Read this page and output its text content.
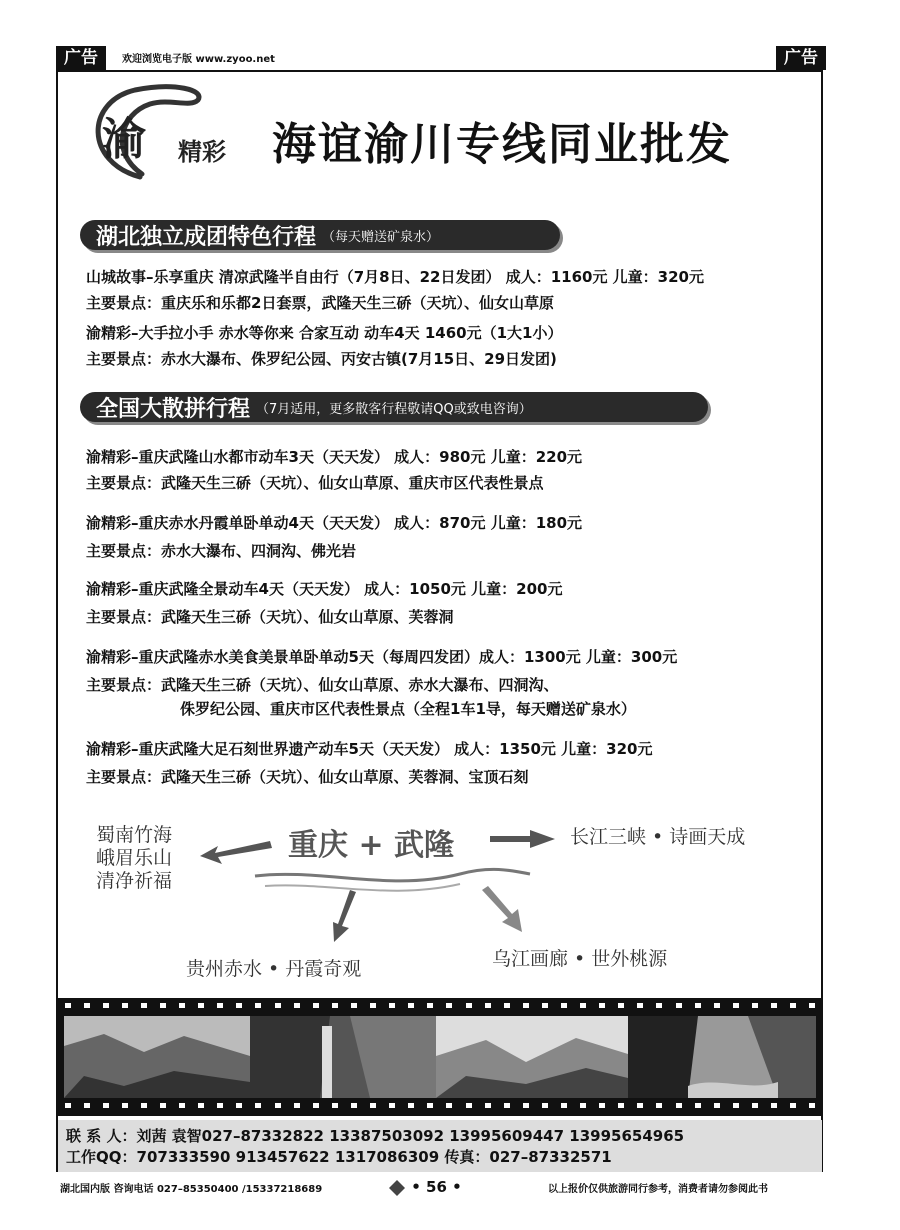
广告	欢迎浏览电子版 www.zyoo.net	广告
渝 精彩 海谊渝川专线同业批发
湖北独立成团特色行程 （每天赠送矿泉水）
山城故事–乐享重庆 清凉武隆半自由行（7月8日、22日发团） 成人：1160元 儿童：320元
主要景点：重庆乐和乐都2日套票，武隆天生三硚（天坑）、仙女山草原
渝精彩–大手拉小手 赤水等你来 合家互动 动车4天 1460元（1大1小）
主要景点：赤水大瀑布、侏罗纪公园、丙安古镇(7月15日、29日发团)
全国大散拼行程 （7月适用，更多散客行程敬请QQ或致电咨询）
渝精彩–重庆武隆山水都市动车3天（天天发） 成人：980元 儿童：220元
主要景点：武隆天生三硚（天坑）、仙女山草原、重庆市区代表性景点
渝精彩–重庆赤水丹霞单卧单动4天（天天发） 成人：870元 儿童：180元
主要景点：赤水大瀑布、四洞沟、佛光岩
渝精彩–重庆武隆全景动车4天（天天发） 成人：1050元 儿童：200元
主要景点：武隆天生三硚（天坑）、仙女山草原、芙蓉洞
渝精彩–重庆武隆赤水美食美景单卧单动5天（每周四发团）成人：1300元 儿童：300元
主要景点：武隆天生三硚（天坑）、仙女山草原、赤水大瀑布、四洞沟、
侏罗纪公园、重庆市区代表性景点（全程1车1导，每天赠送矿泉水）
渝精彩–重庆武隆大足石刻世界遗产动车5天（天天发） 成人：1350元 儿童：320元
主要景点：武隆天生三硚（天坑）、仙女山草原、芙蓉洞、宝顶石刻
重庆 + 武隆
蜀南竹海
峨眉乐山
清净祈福
长江三峡 • 诗画天成
贵州赤水 • 丹霞奇观	乌江画廊 • 世外桃源
联 系 人：刘茜 袁智027–87332822 13387503092 13995609447 13995654965
工作QQ：707333590 913457622 1317086309 传真：027–87332571
湖北国内版 咨询电话 027–85350400 /15337218689	• 56 •	以上报价仅供旅游同行参考，消费者请勿参阅此书
